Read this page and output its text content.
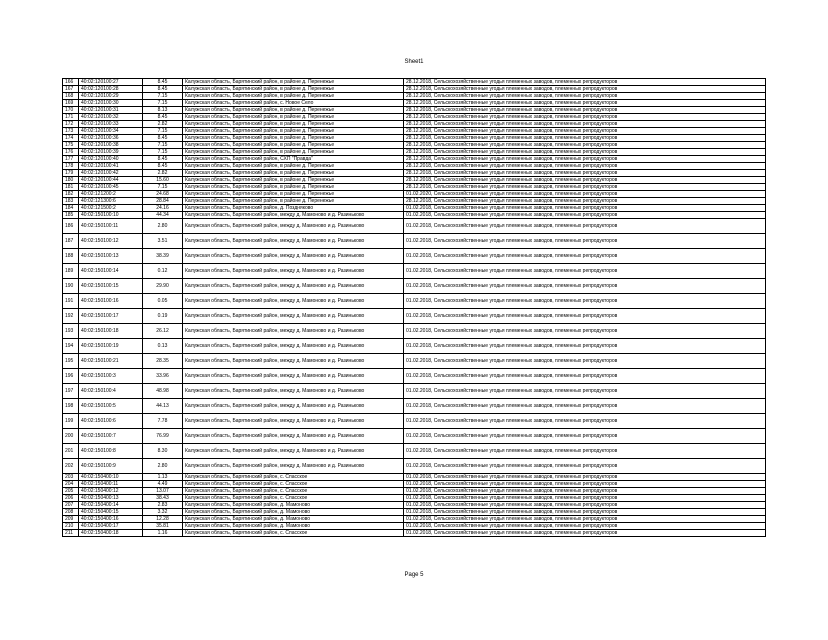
Sheet1
166	40:02:120100:27	8.45	Калужская область, Барятинский район, в районе д. Перенежье	28.12.2018, Сельскохозяйственные угодья племенных заводов, племенных репродукторов
167	40:02:120100:28	8.45	Калужская область, Барятинский район, в районе д. Перенежье	28.12.2018, Сельскохозяйственные угодья племенных заводов, племенных репродукторов
168	40:02:120100:29	7.15	Калужская область, Барятинский район, в районе д. Перенежье	28.12.2018, Сельскохозяйственные угодья племенных заводов, племенных репродукторов
169	40:02:120100:30	7.15	Калужская область, Барятинский район, с. Новое Село	28.12.2018, Сельскохозяйственные угодья племенных заводов, племенных репродукторов
170	40:02:120100:31	8.13	Калужская область, Барятинский район, в районе д. Перенежье	28.12.2018, Сельскохозяйственные угодья племенных заводов, племенных репродукторов
171	40:02:120100:32	8.45	Калужская область, Барятинский район, в районе д. Перенежье	28.12.2018, Сельскохозяйственные угодья племенных заводов, племенных репродукторов
172	40:02:120100:33	2.82	Калужская область, Барятинский район, в районе д. Перенежье	28.12.2018, Сельскохозяйственные угодья племенных заводов, племенных репродукторов
173	40:02:120100:34	7.15	Калужская область, Барятинский район, в районе д. Перенежье	28.12.2018, Сельскохозяйственные угодья племенных заводов, племенных репродукторов
174	40:02:120100:36	8.45	Калужская область, Барятинский район, в районе д. Перенежье	28.12.2018, Сельскохозяйственные угодья племенных заводов, племенных репродукторов
175	40:02:120100:38	7.15	Калужская область, Барятинский район, в районе д. Перенежье	28.12.2018, Сельскохозяйственные угодья племенных заводов, племенных репродукторов
176	40:02:120100:39	7.15	Калужская область, Барятинский район, в районе д. Перенежье	28.12.2018, Сельскохозяйственные угодья племенных заводов, племенных репродукторов
177	40:02:120100:40	8.45	Калужская область, Барятинский район, СХП "Правда"	28.12.2018, Сельскохозяйственные угодья племенных заводов, племенных репродукторов
178	40:02:120100:41	8.45	Калужская область, Барятинский район, в районе д. Перенежье	28.12.2018, Сельскохозяйственные угодья племенных заводов, племенных репродукторов
179	40:02:120100:42	2.82	Калужская область, Барятинский район, в районе д. Перенежье	28.12.2018, Сельскохозяйственные угодья племенных заводов, племенных репродукторов
180	40:02:120100:44	15.60	Калужская область, Барятинский район, в районе д. Перенежье	28.12.2018, Сельскохозяйственные угодья племенных заводов, племенных репродукторов
181	40:02:120100:45	7.15	Калужская область, Барятинский район, в районе д. Перенежье	28.12.2018, Сельскохозяйственные угодья племенных заводов, племенных репродукторов
182	40:02:121200:2	24.68	Калужская область, Барятинский район, в районе д. Перенежье	01.02.2020, Сельскохозяйственные угодья племенных заводов, племенных репродукторов
183	40:02:121300:6	28.84	Калужская область, Барятинский район, в районе д. Перенежье	28.12.2018, Сельскохозяйственные угодья племенных заводов, племенных репродукторов
184	40:02:121500:2	24.16	Калужская область, Барятинский район, д. Поздняково	01.02.2018, Сельскохозяйственные угодья племенных заводов, племенных репродукторов
185	40:02:150100:10	44.34	Калужская область, Барятинский район, между д. Мамоново и д. Разиньково	01.02.2018, Сельскохозяйственные угодья племенных заводов, племенных репродукторов
186	40:02:150100:11	2.80	Калужская область, Барятинский район, между д. Мамоново и д. Разиньково	01.02.2018, Сельскохозяйственные угодья племенных заводов, племенных репродукторов
187	40:02:150100:12	3.51	Калужская область, Барятинский район, между д. Мамоново и д. Разиньково	01.02.2018, Сельскохозяйственные угодья племенных заводов, племенных репродукторов
188	40:02:150100:13	38.39	Калужская область, Барятинский район, между д. Мамоново и д. Разиньково	01.02.2018, Сельскохозяйственные угодья племенных заводов, племенных репродукторов
189	40:02:150100:14	0.12	Калужская область, Барятинский район, между д. Мамоново и д. Разиньково	01.02.2018, Сельскохозяйственные угодья племенных заводов, племенных репродукторов
190	40:02:150100:15	29.90	Калужская область, Барятинский район, между д. Мамоново и д. Разиньково	01.02.2018, Сельскохозяйственные угодья племенных заводов, племенных репродукторов
191	40:02:150100:16	0.05	Калужская область, Барятинский район, между д. Мамоново и д. Разиньково	01.02.2018, Сельскохозяйственные угодья племенных заводов, племенных репродукторов
192	40:02:150100:17	0.19	Калужская область, Барятинский район, между д. Мамоново и д. Разиньково	01.02.2018, Сельскохозяйственные угодья племенных заводов, племенных репродукторов
193	40:02:150100:18	26.12	Калужская область, Барятинский район, между д. Мамоново и д. Разиньково	01.02.2018, Сельскохозяйственные угодья племенных заводов, племенных репродукторов
194	40:02:150100:19	0.13	Калужская область, Барятинский район, между д. Мамоново и д. Разиньково	01.02.2018, Сельскохозяйственные угодья племенных заводов, племенных репродукторов
195	40:02:150100:21	28.35	Калужская область, Барятинский район, между д. Мамоново и д. Разиньково	01.02.2018, Сельскохозяйственные угодья племенных заводов, племенных репродукторов
196	40:02:150100:3	33.96	Калужская область, Барятинский район, между д. Мамоново и д. Разиньково	01.02.2018, Сельскохозяйственные угодья племенных заводов, племенных репродукторов
197	40:02:150100:4	48.98	Калужская область, Барятинский район, между д. Мамоново и д. Разиньково	01.02.2018, Сельскохозяйственные угодья племенных заводов, племенных репродукторов
198	40:02:150100:5	44.13	Калужская область, Барятинский район, между д. Мамоново и д. Разиньково	01.02.2018, Сельскохозяйственные угодья племенных заводов, племенных репродукторов
199	40:02:150100:6	7.78	Калужская область, Барятинский район, между д. Мамоново и д. Разиньково	01.02.2018, Сельскохозяйственные угодья племенных заводов, племенных репродукторов
200	40:02:150100:7	76.99	Калужская область, Барятинский район, между д. Мамоново и д. Разиньково	01.02.2018, Сельскохозяйственные угодья племенных заводов, племенных репродукторов
201	40:02:150100:8	8.30	Калужская область, Барятинский район, между д. Мамоново и д. Разиньково	01.02.2018, Сельскохозяйственные угодья племенных заводов, племенных репродукторов
202	40:02:150100:9	2.80	Калужская область, Барятинский район, между д. Мамоново и д. Разиньково	01.02.2018, Сельскохозяйственные угодья племенных заводов, племенных репродукторов
203	40:02:150400:10	1.13	Калужская область, Барятинский район, с. Спасское	01.02.2018, Сельскохозяйственные угодья племенных заводов, племенных репродукторов
204	40:02:150400:11	4.49	Калужская область, Барятинский район, с. Спасское	01.02.2018, Сельскохозяйственные угодья племенных заводов, племенных репродукторов
205	40:02:150400:12	13.07	Калужская область, Барятинский район, с. Спасское	01.02.2018, Сельскохозяйственные угодья племенных заводов, племенных репродукторов
206	40:02:150400:13	38.43	Калужская область, Барятинский район, с. Спасское	01.02.2018, Сельскохозяйственные угодья племенных заводов, племенных репродукторов
207	40:02:150400:14	2.83	Калужская область, Барятинский район, д. Мамоново	01.02.2018, Сельскохозяйственные угодья племенных заводов, племенных репродукторов
208	40:02:150400:15	3.32	Калужская область, Барятинский район, д. Мамоново	01.02.2018, Сельскохозяйственные угодья племенных заводов, племенных репродукторов
209	40:02:150400:16	12.28	Калужская область, Барятинский район, д. Мамоново	01.02.2018, Сельскохозяйственные угодья племенных заводов, племенных репродукторов
210	40:02:150400:17	35.81	Калужская область, Барятинский район, д. Мамоново	01.02.2018, Сельскохозяйственные угодья племенных заводов, племенных репродукторов
211	40:02:150400:18	1.16	Калужская область, Барятинский район, с. Спасское	01.02.2018, Сельскохозяйственные угодья племенных заводов, племенных репродукторов
Page 5
